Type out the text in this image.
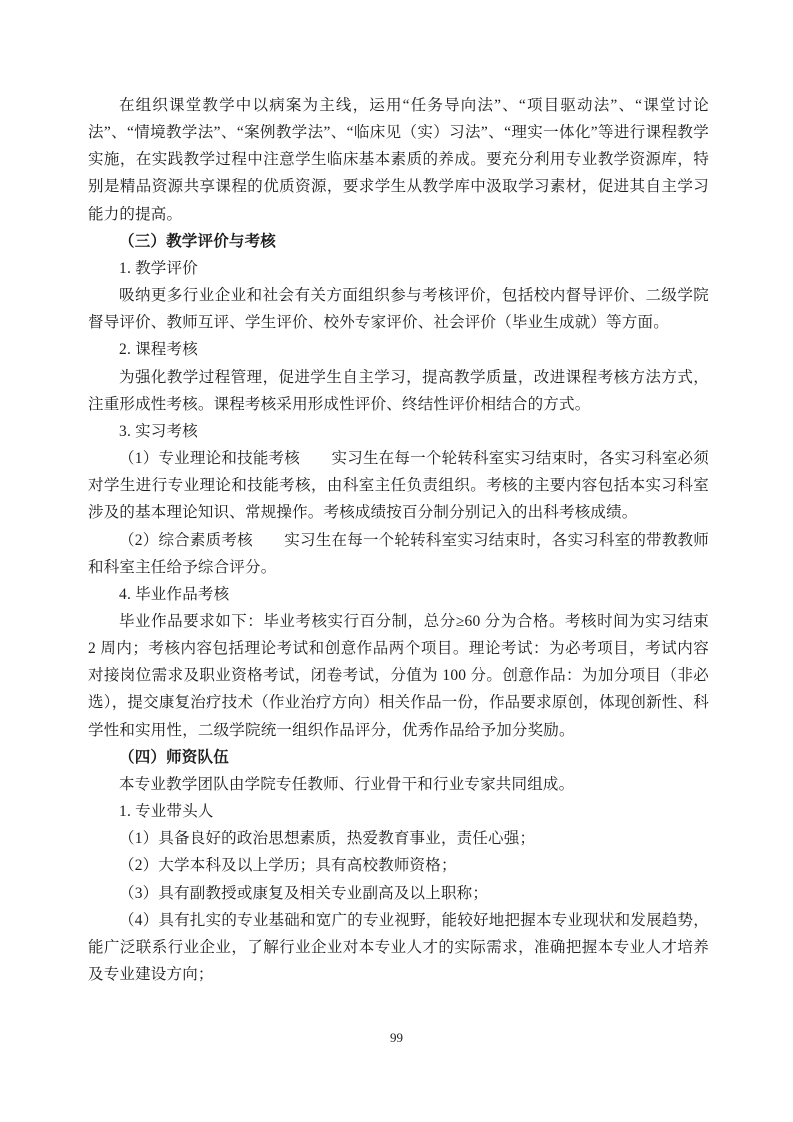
在组织课堂教学中以病案为主线，运用“任务导向法”、“项目驱动法”、“课堂讨论法”、“情境教学法”、“案例教学法”、“临床见（实）习法”、“理实一体化”等进行课程教学实施，在实践教学过程中注意学生临床基本素质的养成。要充分利用专业教学资源库，特别是精品资源共享课程的优质资源，要求学生从教学库中汲取学习素材，促进其自主学习能力的提高。

（三）教学评价与考核

1. 教学评价

吸纳更多行业企业和社会有关方面组织参与考核评价，包括校内督导评价、二级学院督导评价、教师互评、学生评价、校外专家评价、社会评价（毕业生成就）等方面。

2. 课程考核

为强化教学过程管理，促进学生自主学习，提高教学质量，改进课程考核方法方式，注重形成性考核。课程考核采用形成性评价、终结性评价相结合的方式。

3. 实习考核

（1）专业理论和技能考核　　实习生在每一个轮转科室实习结束时，各实习科室必须对学生进行专业理论和技能考核，由科室主任负责组织。考核的主要内容包括本实习科室涉及的基本理论知识、常规操作。考核成绩按百分制分别记入的出科考核成绩。

（2）综合素质考核　　实习生在每一个轮转科室实习结束时，各实习科室的带教教师和科室主任给予综合评分。

4. 毕业作品考核

毕业作品要求如下：毕业考核实行百分制，总分≥60 分为合格。考核时间为实习结束 2 周内；考核内容包括理论考试和创意作品两个项目。理论考试：为必考项目，考试内容对接岗位需求及职业资格考试，闭卷考试，分值为 100 分。创意作品：为加分项目（非必选），提交康复治疗技术（作业治疗方向）相关作品一份，作品要求原创，体现创新性、科学性和实用性，二级学院统一组织作品评分，优秀作品给予加分奖励。

（四）师资队伍

本专业教学团队由学院专任教师、行业骨干和行业专家共同组成。

1. 专业带头人

（1）具备良好的政治思想素质，热爱教育事业，责任心强；

（2）大学本科及以上学历；具有高校教师资格；

（3）具有副教授或康复及相关专业副高及以上职称；

（4）具有扎实的专业基础和宽广的专业视野，能较好地把握本专业现状和发展趋势，能广泛联系行业企业，了解行业企业对本专业人才的实际需求，准确把握本专业人才培养及专业建设方向；

99
